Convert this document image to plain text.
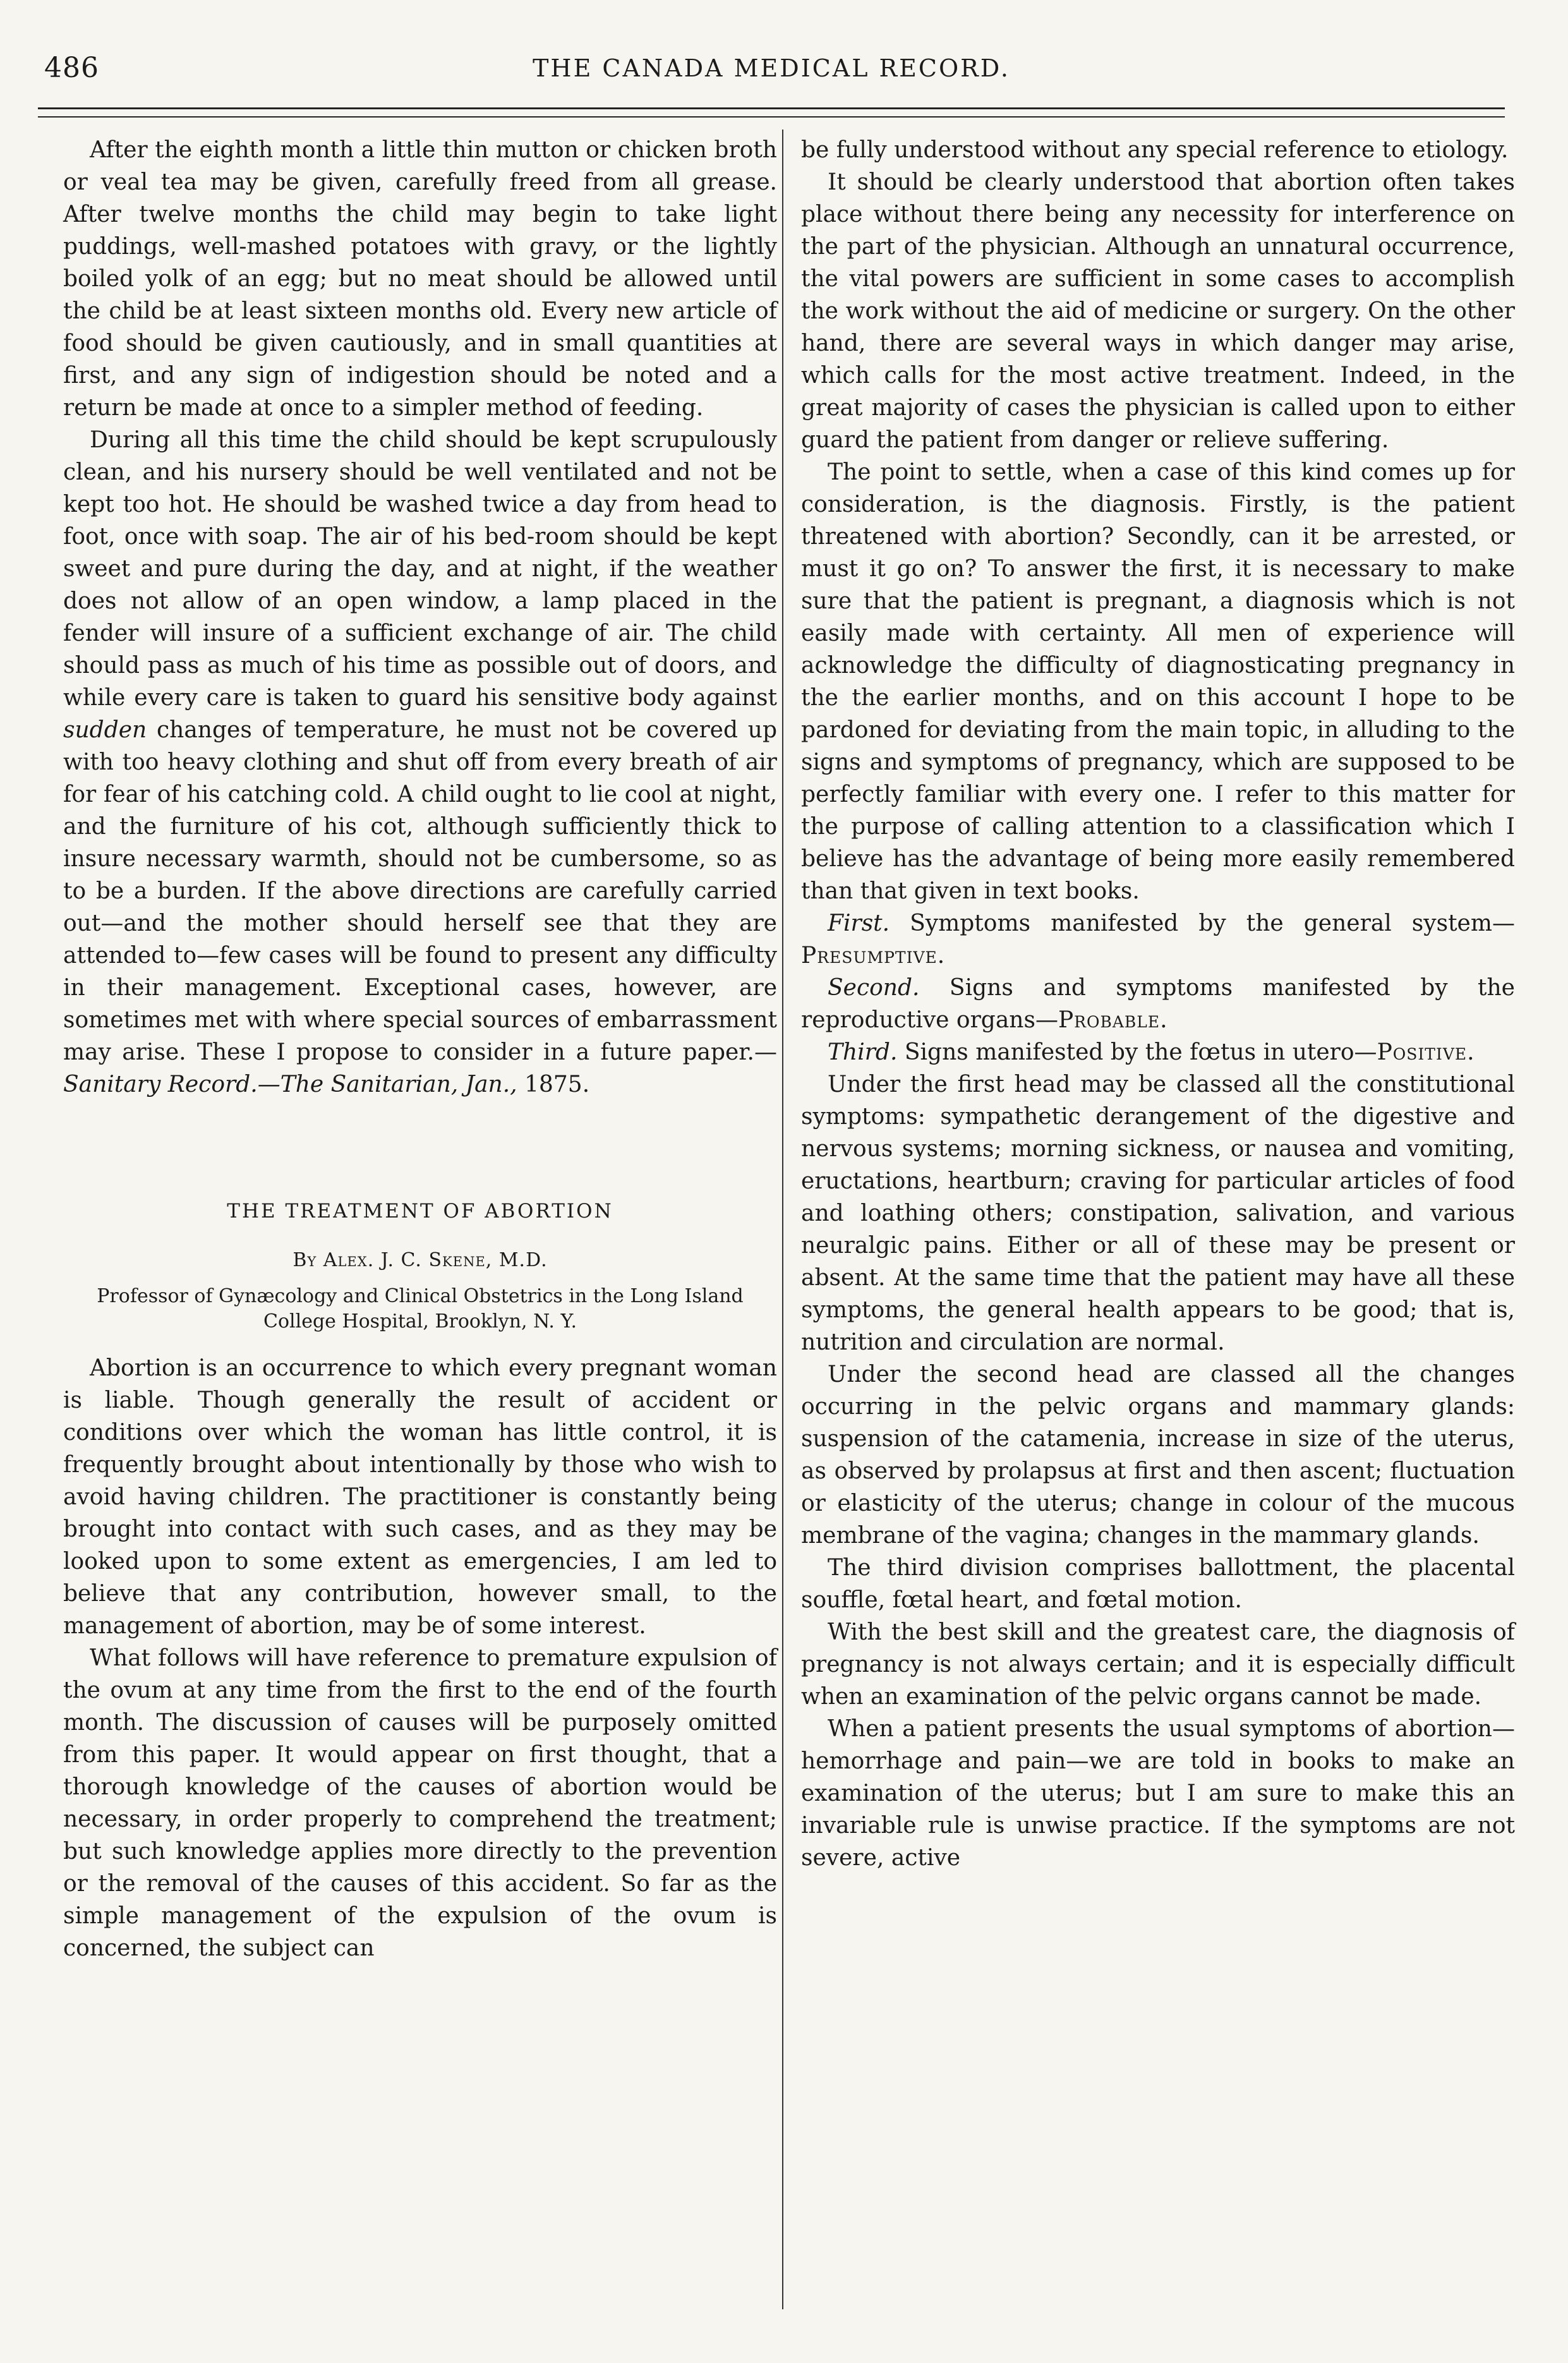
486	THE CANADA MEDICAL RECORD.

After the eighth month a little thin mutton or chicken broth or veal tea may be given, carefully freed from all grease. After twelve months the child may begin to take light puddings, well-mashed potatoes with gravy, or the lightly boiled yolk of an egg; but no meat should be allowed until the child be at least sixteen months old. Every new article of food should be given cautiously, and in small quantities at first, and any sign of indigestion should be noted and a return be made at once to a simpler method of feeding.

During all this time the child should be kept scrupulously clean, and his nursery should be well ventilated and not be kept too hot. He should be washed twice a day from head to foot, once with soap. The air of his bed-room should be kept sweet and pure during the day, and at night, if the weather does not allow of an open window, a lamp placed in the fender will insure of a sufficient exchange of air. The child should pass as much of his time as possible out of doors, and while every care is taken to guard his sensitive body against sudden changes of temperature, he must not be covered up with too heavy clothing and shut off from every breath of air for fear of his catching cold. A child ought to lie cool at night, and the furniture of his cot, although sufficiently thick to insure necessary warmth, should not be cumbersome, so as to be a burden. If the above directions are carefully carried out—and the mother should herself see that they are attended to—few cases will be found to present any difficulty in their management. Exceptional cases, however, are sometimes met with where special sources of embarrassment may arise. These I propose to consider in a future paper.—Sanitary Record.—The Sanitarian, Jan., 1875.

THE TREATMENT OF ABORTION

By Alex. J. C. Skene, M.D.

Professor of Gynæcology and Clinical Obstetrics in the Long Island College Hospital, Brooklyn, N. Y.

Abortion is an occurrence to which every pregnant woman is liable. Though generally the result of accident or conditions over which the woman has little control, it is frequently brought about intentionally by those who wish to avoid having children. The practitioner is constantly being brought into contact with such cases, and as they may be looked upon to some extent as emergencies, I am led to believe that any contribution, however small, to the management of abortion, may be of some interest.

What follows will have reference to premature expulsion of the ovum at any time from the first to the end of the fourth month. The discussion of causes will be purposely omitted from this paper. It would appear on first thought, that a thorough knowledge of the causes of abortion would be necessary, in order properly to comprehend the treatment; but such knowledge applies more directly to the prevention or the removal of the causes of this accident. So far as the simple management of the expulsion of the ovum is concerned, the subject can

be fully understood without any special reference to etiology.

It should be clearly understood that abortion often takes place without there being any necessity for interference on the part of the physician. Although an unnatural occurrence, the vital powers are sufficient in some cases to accomplish the work without the aid of medicine or surgery. On the other hand, there are several ways in which danger may arise, which calls for the most active treatment. Indeed, in the great majority of cases the physician is called upon to either guard the patient from danger or relieve suffering.

The point to settle, when a case of this kind comes up for consideration, is the diagnosis. Firstly, is the patient threatened with abortion? Secondly, can it be arrested, or must it go on? To answer the first, it is necessary to make sure that the patient is pregnant, a diagnosis which is not easily made with certainty. All men of experience will acknowledge the difficulty of diagnosticating pregnancy in the the earlier months, and on this account I hope to be pardoned for deviating from the main topic, in alluding to the signs and symptoms of pregnancy, which are supposed to be perfectly familiar with every one. I refer to this matter for the purpose of calling attention to a classification which I believe has the advantage of being more easily remembered than that given in text books.

First. Symptoms manifested by the general system—Presumptive.

Second. Signs and symptoms manifested by the reproductive organs—Probable.

Third. Signs manifested by the fœtus in utero—Positive.

Under the first head may be classed all the constitutional symptoms: sympathetic derangement of the digestive and nervous systems; morning sickness, or nausea and vomiting, eructations, heartburn; craving for particular articles of food and loathing others; constipation, salivation, and various neuralgic pains. Either or all of these may be present or absent. At the same time that the patient may have all these symptoms, the general health appears to be good; that is, nutrition and circulation are normal.

Under the second head are classed all the changes occurring in the pelvic organs and mammary glands: suspension of the catamenia, increase in size of the uterus, as observed by prolapsus at first and then ascent; fluctuation or elasticity of the uterus; change in colour of the mucous membrane of the vagina; changes in the mammary glands.

The third division comprises ballottment, the placental souffle, fœtal heart, and fœtal motion.

With the best skill and the greatest care, the diagnosis of pregnancy is not always certain; and it is especially difficult when an examination of the pelvic organs cannot be made.

When a patient presents the usual symptoms of abortion—hemorrhage and pain—we are told in books to make an examination of the uterus; but I am sure to make this an invariable rule is unwise practice. If the symptoms are not severe, active
